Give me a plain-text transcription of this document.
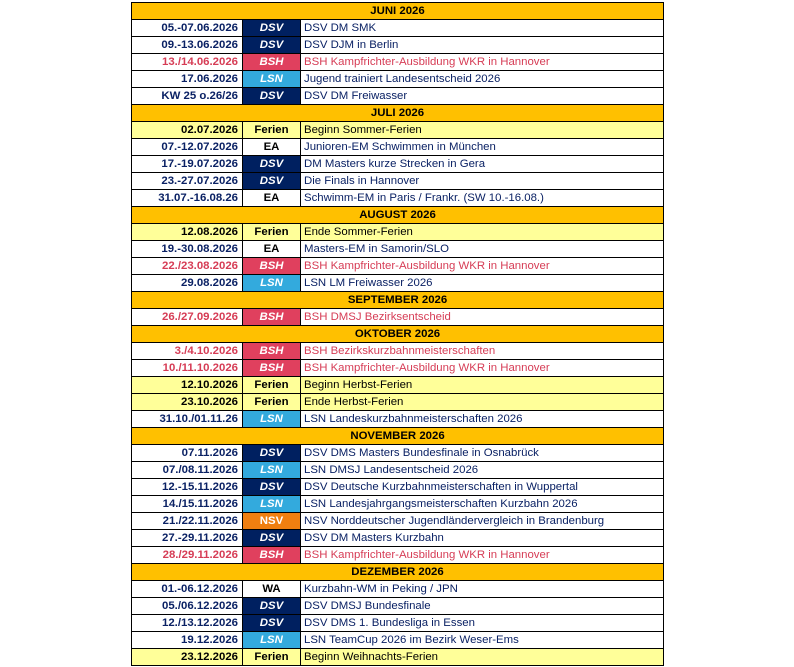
JUNI 2026		
05.-07.06.2026	DSV	DSV DM SMK
09.-13.06.2026	DSV	DSV DJM in Berlin
13./14.06.2026	BSH	BSH Kampfrichter-Ausbildung WKR in Hannover
17.06.2026	LSN	Jugend trainiert Landesentscheid 2026
KW 25 o.26/26	DSV	DSV DM Freiwasser
JULI 2026		
02.07.2026	Ferien	Beginn Sommer-Ferien
07.-12.07.2026	EA	Junioren-EM Schwimmen in München
17.-19.07.2026	DSV	DM Masters kurze Strecken in Gera
23.-27.07.2026	DSV	Die Finals in Hannover
31.07.-16.08.26	EA	Schwimm-EM in Paris / Frankr. (SW 10.-16.08.)
AUGUST 2026		
12.08.2026	Ferien	Ende Sommer-Ferien
19.-30.08.2026	EA	Masters-EM in Samorin/SLO
22./23.08.2026	BSH	BSH Kampfrichter-Ausbildung WKR in Hannover
29.08.2026	LSN	LSN LM Freiwasser 2026
SEPTEMBER 2026		
26./27.09.2026	BSH	BSH DMSJ Bezirksentscheid
OKTOBER 2026		
3./4.10.2026	BSH	BSH Bezirkskurzbahnmeisterschaften
10./11.10.2026	BSH	BSH Kampfrichter-Ausbildung WKR in Hannover
12.10.2026	Ferien	Beginn Herbst-Ferien
23.10.2026	Ferien	Ende Herbst-Ferien
31.10./01.11.26	LSN	LSN Landeskurzbahnmeisterschaften 2026
NOVEMBER 2026		
07.11.2026	DSV	DSV DMS Masters Bundesfinale in Osnabrück
07./08.11.2026	LSN	LSN DMSJ Landesentscheid 2026
12.-15.11.2026	DSV	DSV Deutsche Kurzbahnmeisterschaften in Wuppertal
14./15.11.2026	LSN	LSN Landesjahrgangsmeisterschaften Kurzbahn 2026
21./22.11.2026	NSV	NSV Norddeutscher Jugendländervergleich in Brandenburg
27.-29.11.2026	DSV	DSV DM Masters Kurzbahn
28./29.11.2026	BSH	BSH Kampfrichter-Ausbildung WKR in Hannover
DEZEMBER 2026		
01.-06.12.2026	WA	Kurzbahn-WM in Peking / JPN
05./06.12.2026	DSV	DSV DMSJ Bundesfinale
12./13.12.2026	DSV	DSV DMS 1. Bundesliga in Essen
19.12.2026	LSN	LSN TeamCup 2026 im Bezirk Weser-Ems
23.12.2026	Ferien	Beginn Weihnachts-Ferien
